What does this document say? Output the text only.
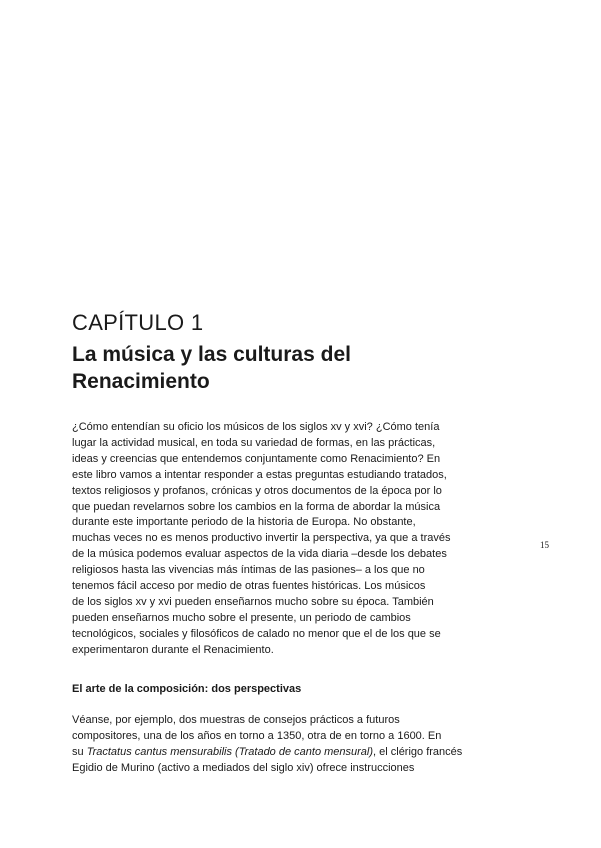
CAPÍTULO 1
La música y las culturas del
Renacimiento
¿Cómo entendían su oficio los músicos de los siglos xv y xvi? ¿Cómo tenía
lugar la actividad musical, en toda su variedad de formas, en las prácticas,
ideas y creencias que entendemos conjuntamente como Renacimiento? En
este libro vamos a intentar responder a estas preguntas estudiando tratados,
textos religiosos y profanos, crónicas y otros documentos de la época por lo
que puedan revelarnos sobre los cambios en la forma de abordar la música
durante este importante periodo de la historia de Europa. No obstante,
muchas veces no es menos productivo invertir la perspectiva, ya que a través
de la música podemos evaluar aspectos de la vida diaria –desde los debates
religiosos hasta las vivencias más íntimas de las pasiones– a los que no
tenemos fácil acceso por medio de otras fuentes históricas. Los músicos
de los siglos xv y xvi pueden enseñarnos mucho sobre su época. También
pueden enseñarnos mucho sobre el presente, un periodo de cambios
tecnológicos, sociales y filosóficos de calado no menor que el de los que se
experimentaron durante el Renacimiento.
15
El arte de la composición: dos perspectivas
Véanse, por ejemplo, dos muestras de consejos prácticos a futuros
compositores, una de los años en torno a 1350, otra de en torno a 1600. En
su Tractatus cantus mensurabilis (Tratado de canto mensural), el clérigo francés
Egidio de Murino (activo a mediados del siglo xiv) ofrece instrucciones
